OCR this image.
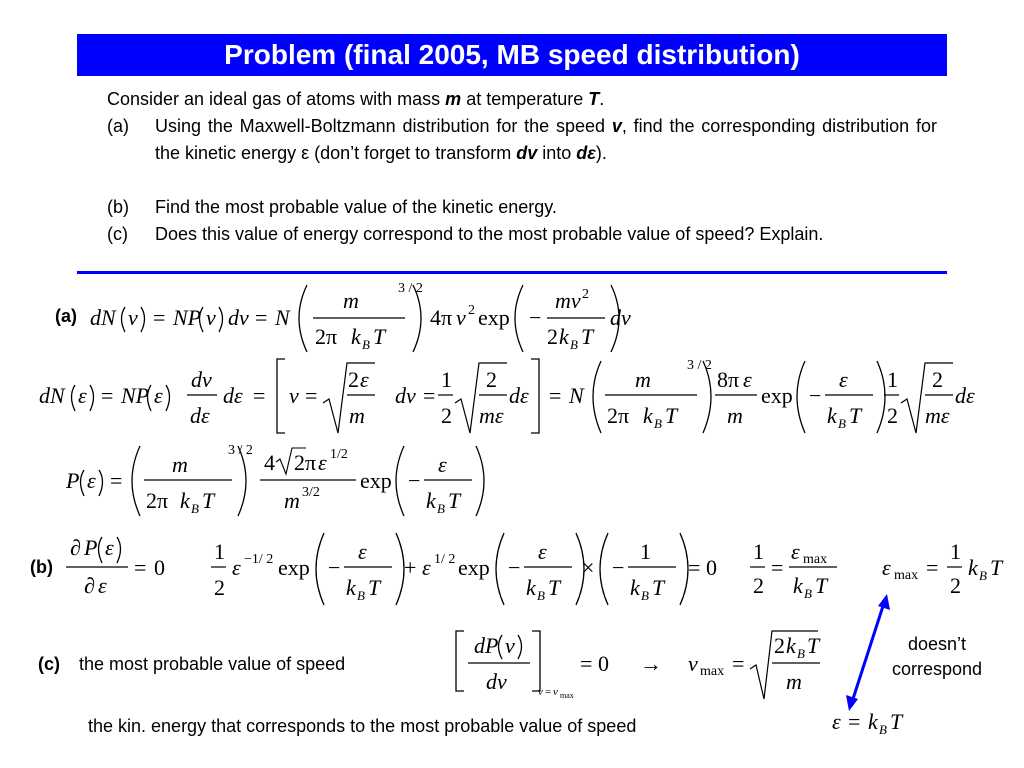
Problem (final 2005, MB speed distribution)
Consider an ideal gas of atoms with mass m at temperature T.
(a) Using the Maxwell-Boltzmann distribution for the speed v, find the corresponding distribution for the kinetic energy ε (don’t forget to transform dv into dε).
(b) Find the most probable value of the kinetic energy.
(c) Does this value of energy correspond to the most probable value of speed? Explain.
(a) dN v = NP v dv = N
m
2π k B T
3 / 2
4π v 2 exp −
mv 2
2 k B T
dv
dN ε = NP ε
dv
dε
dε = v =
2 ε
m
dv =
1
2
2
mε
dε = N
m
2π k B T
3 / 2
8π ε
m
exp −
ε
k B T
1
2
2
mε
dε
P ε =
m
2π k B T
3 / 2 4 2π ε 1/2
m 3/2 exp −
ε
k B T
(b)
∂ P ε
∂ ε
= 0
1
2
ε −1/ 2 exp −
ε
k B T
+ ε 1/ 2 exp −
ε
k B T
× −
1
k B T
= 0
1
2
=
ε max
k B T
ε max =
1
2
k B T
(c) the most probable value of speed
dP v
dv	v = v max
= 0 → v max =
2 k B T
m
doesn’t
correspond
the kin. energy that corresponds to the most probable value of speed	ε = k B T
